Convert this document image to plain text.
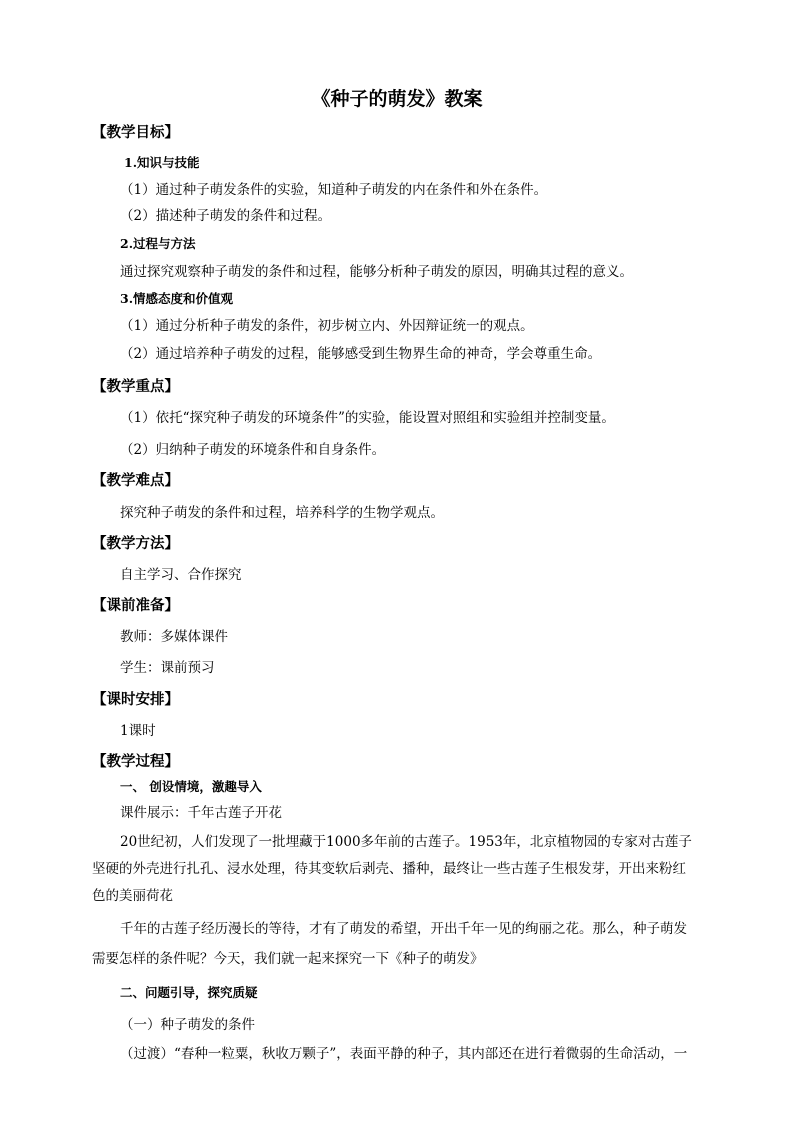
《种子的萌发》教案
【教学目标】
1.知识与技能
（1）通过种子萌发条件的实验，知道种子萌发的内在条件和外在条件。
（2）描述种子萌发的条件和过程。
2.过程与方法
通过探究观察种子萌发的条件和过程，能够分析种子萌发的原因，明确其过程的意义。
3.情感态度和价值观
（1）通过分析种子萌发的条件，初步树立内、外因辩证统一的观点。
（2）通过培养种子萌发的过程，能够感受到生物界生命的神奇，学会尊重生命。
【教学重点】
（1）依托“探究种子萌发的环境条件”的实验，能设置对照组和实验组并控制变量。
（2）归纳种子萌发的环境条件和自身条件。
【教学难点】
探究种子萌发的条件和过程，培养科学的生物学观点。
【教学方法】
自主学习、合作探究
【课前准备】
教师：多媒体课件
学生：课前预习
【课时安排】
1课时
【教学过程】
一、 创设情境，激趣导入
课件展示：千年古莲子开花
20世纪初，人们发现了一批埋藏于1000多年前的古莲子。1953年，北京植物园的专家对古莲子
坚硬的外壳进行扎孔、浸水处理，待其变软后剥壳、播种，最终让一些古莲子生根发芽，开出来粉红
色的美丽荷花
千年的古莲子经历漫长的等待，才有了萌发的希望，开出千年一见的绚丽之花。那么，种子萌发
需要怎样的条件呢？今天，我们就一起来探究一下《种子的萌发》
二、问题引导，探究质疑
（一）种子萌发的条件
（过渡）“春种一粒粟，秋收万颗子”，表面平静的种子，其内部还在进行着微弱的生命活动，一
